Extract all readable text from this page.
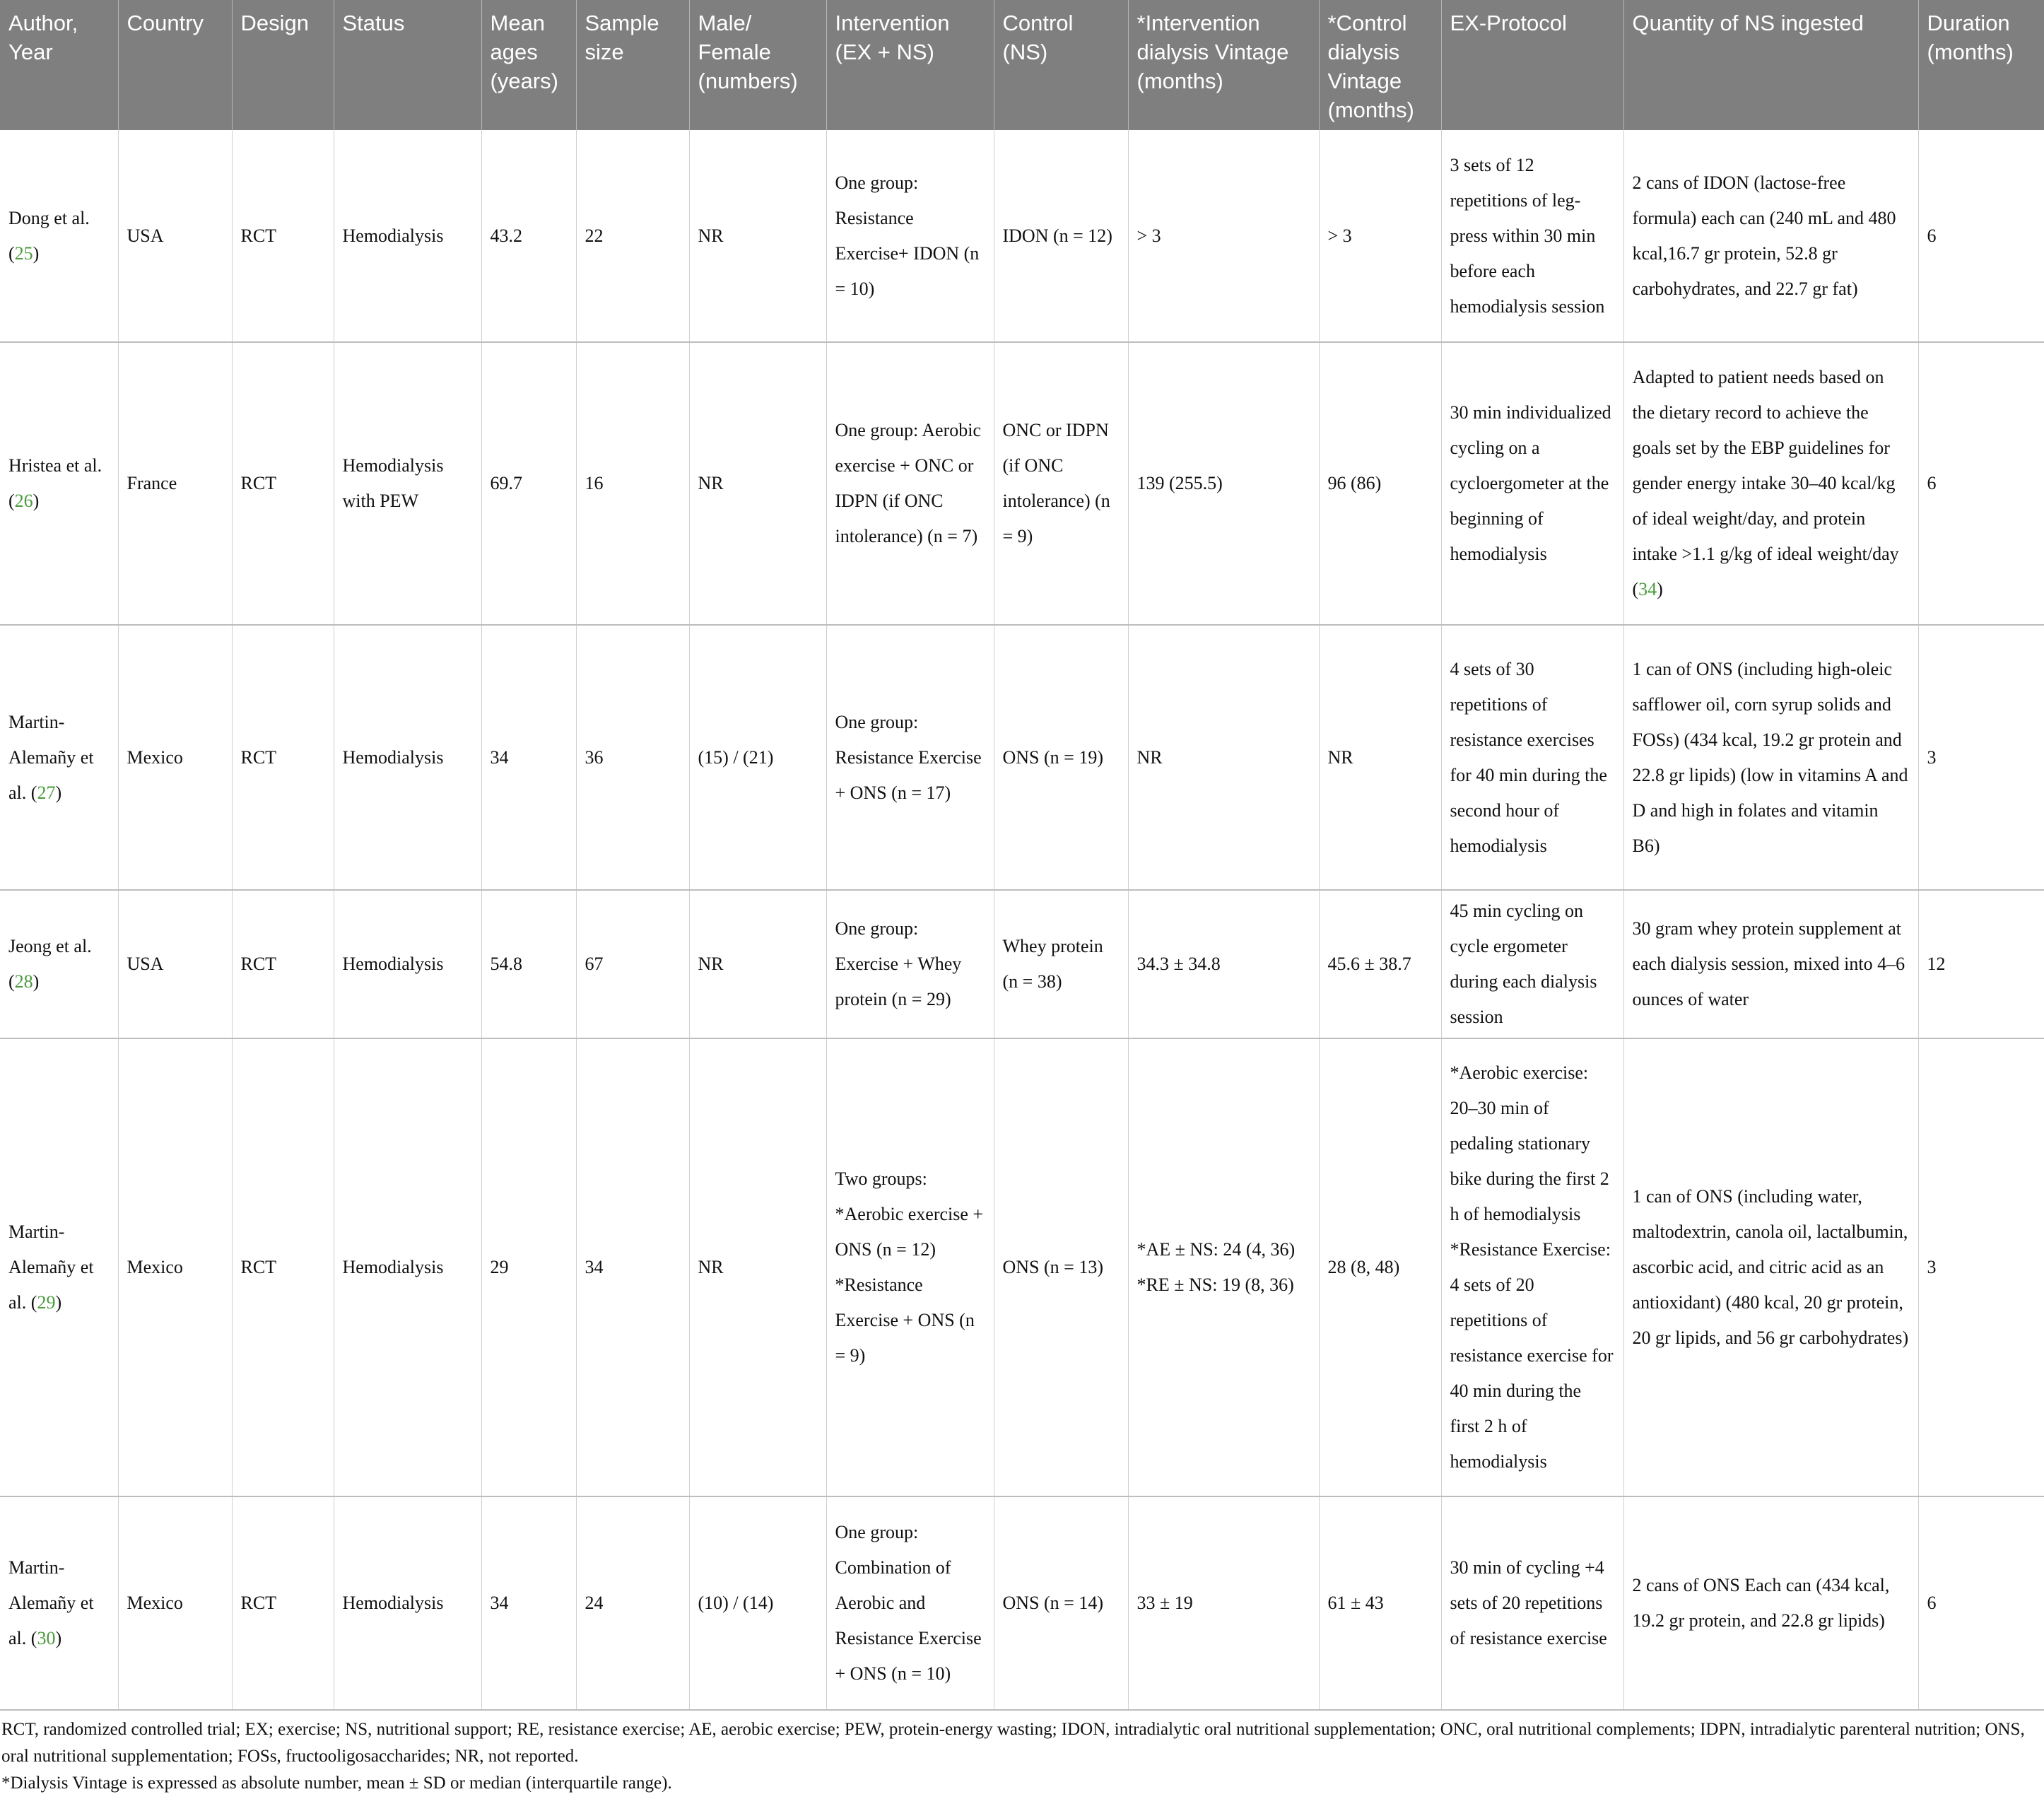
Author, Year	Country	Design	Status	Mean ages (years)	Sample size	Male/ Female (numbers)	Intervention (EX + NS)	Control (NS)	*Intervention dialysis Vintage (months)	*Control dialysis Vintage (months)	EX-Protocol	Quantity of NS ingested	Duration (months)
Dong et al. (25)	USA	RCT	Hemodialysis	43.2	22	NR	One group: Resistance Exercise+ IDON (n = 10)	IDON (n = 12)	> 3	> 3	3 sets of 12 repetitions of leg-press within 30 min before each hemodialysis session	2 cans of IDON (lactose-free formula) each can (240 mL and 480 kcal,16.7 gr protein, 52.8 gr carbohydrates, and 22.7 gr fat)	6
Hristea et al. (26)	France	RCT	Hemodialysis with PEW	69.7	16	NR	One group: Aerobic exercise + ONC or IDPN (if ONC intolerance) (n = 7)	ONC or IDPN (if ONC intolerance) (n = 9)	139 (255.5)	96 (86)	30 min individualized cycling on a cycloergometer at the beginning of hemodialysis	Adapted to patient needs based on the dietary record to achieve the goals set by the EBP guidelines for gender energy intake 30–40 kcal/kg of ideal weight/day, and protein intake >1.1 g/kg of ideal weight/day (34)	6
Martin-Alemañy et al. (27)	Mexico	RCT	Hemodialysis	34	36	(15) / (21)	One group: Resistance Exercise + ONS (n = 17)	ONS (n = 19)	NR	NR	4 sets of 30 repetitions of resistance exercises for 40 min during the second hour of hemodialysis	1 can of ONS (including high-oleic safflower oil, corn syrup solids and FOSs) (434 kcal, 19.2 gr protein and 22.8 gr lipids) (low in vitamins A and D and high in folates and vitamin B6)	3
Jeong et al. (28)	USA	RCT	Hemodialysis	54.8	67	NR	One group: Exercise + Whey protein (n = 29)	Whey protein (n = 38)	34.3 ± 34.8	45.6 ± 38.7	45 min cycling on cycle ergometer during each dialysis session	30 gram whey protein supplement at each dialysis session, mixed into 4–6 ounces of water	12
Martin-Alemañy et al. (29)	Mexico	RCT	Hemodialysis	29	34	NR	Two groups: *Aerobic exercise + ONS (n = 12) *Resistance Exercise + ONS (n = 9)	ONS (n = 13)	*AE ± NS: 24 (4, 36) *RE ± NS: 19 (8, 36)	28 (8, 48)	*Aerobic exercise: 20–30 min of pedaling stationary bike during the first 2 h of hemodialysis *Resistance Exercise: 4 sets of 20 repetitions of resistance exercise for 40 min during the first 2 h of hemodialysis	1 can of ONS (including water, maltodextrin, canola oil, lactalbumin, ascorbic acid, and citric acid as an antioxidant) (480 kcal, 20 gr protein, 20 gr lipids, and 56 gr carbohydrates)	3
Martin-Alemañy et al. (30)	Mexico	RCT	Hemodialysis	34	24	(10) / (14)	One group: Combination of Aerobic and Resistance Exercise + ONS (n = 10)	ONS (n = 14)	33 ± 19	61 ± 43	30 min of cycling +4 sets of 20 repetitions of resistance exercise	2 cans of ONS Each can (434 kcal, 19.2 gr protein, and 22.8 gr lipids)	6

RCT, randomized controlled trial; EX; exercise; NS, nutritional support; RE, resistance exercise; AE, aerobic exercise; PEW, protein-energy wasting; IDON, intradialytic oral nutritional supplementation; ONC, oral nutritional complements; IDPN, intradialytic parenteral nutrition; ONS, oral nutritional supplementation; FOSs, fructooligosaccharides; NR, not reported.

*Dialysis Vintage is expressed as absolute number, mean ± SD or median (interquartile range).
